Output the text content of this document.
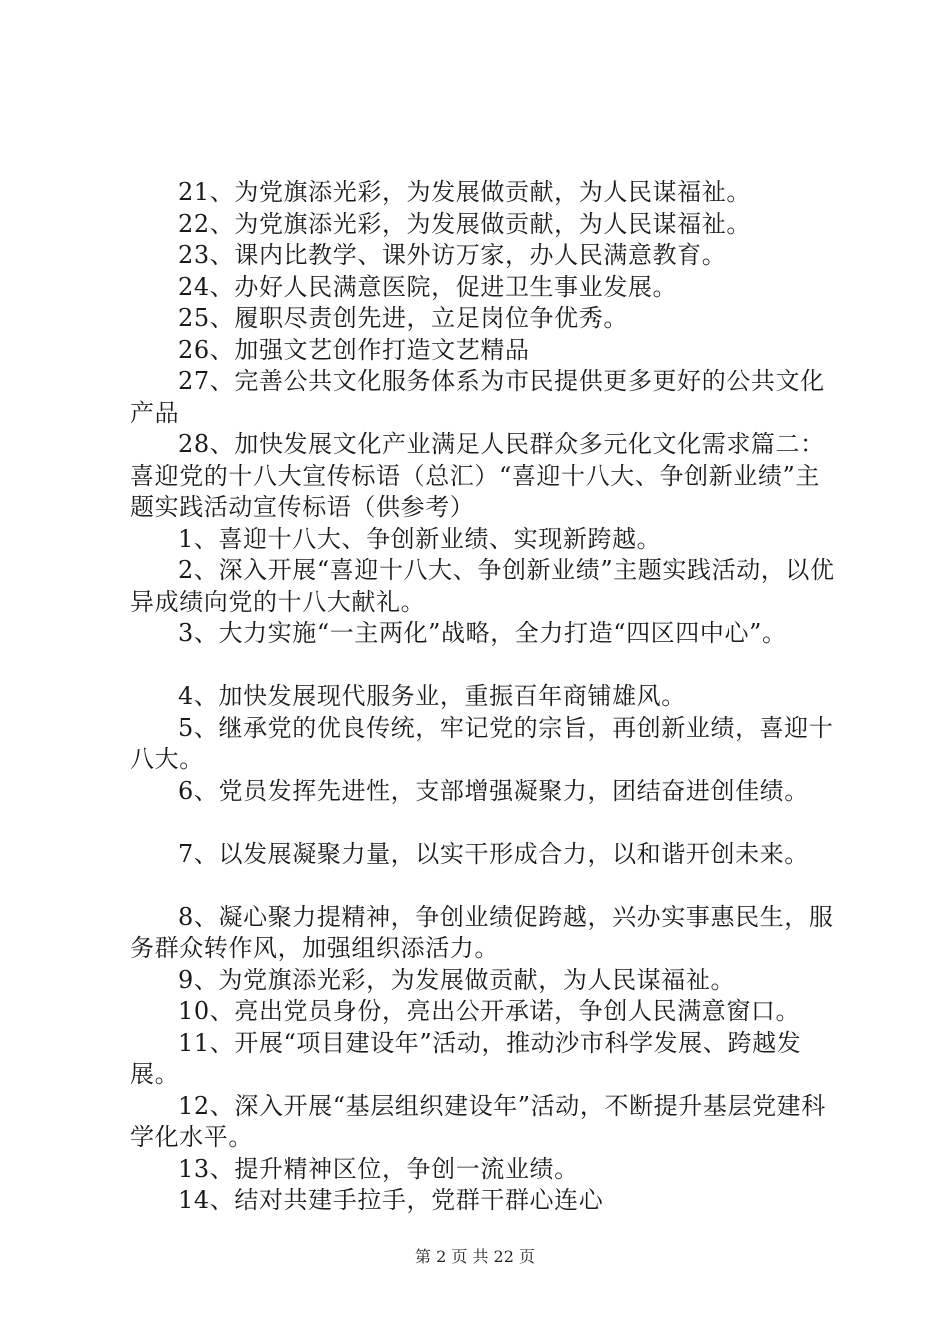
21、为党旗添光彩，为发展做贡献，为人民谋福祉。

22、为党旗添光彩，为发展做贡献，为人民谋福祉。

23、课内比教学、课外访万家，办人民满意教育。

24、办好人民满意医院，促进卫生事业发展。

25、履职尽责创先进，立足岗位争优秀。

26、加强文艺创作打造文艺精品

27、完善公共文化服务体系为市民提供更多更好的公共文化产品

28、加快发展文化产业满足人民群众多元化文化需求篇二：喜迎党的十八大宣传标语（总汇）“喜迎十八大、争创新业绩”主题实践活动宣传标语（供参考）

1、喜迎十八大、争创新业绩、实现新跨越。

2、深入开展“喜迎十八大、争创新业绩”主题实践活动，以优异成绩向党的十八大献礼。

3、大力实施“一主两化”战略，全力打造“四区四中心”。

4、加快发展现代服务业，重振百年商铺雄风。

5、继承党的优良传统，牢记党的宗旨，再创新业绩，喜迎十八大。

6、党员发挥先进性，支部增强凝聚力，团结奋进创佳绩。

7、以发展凝聚力量，以实干形成合力，以和谐开创未来。

8、凝心聚力提精神，争创业绩促跨越，兴办实事惠民生，服务群众转作风，加强组织添活力。

9、为党旗添光彩，为发展做贡献，为人民谋福祉。

10、亮出党员身份，亮出公开承诺，争创人民满意窗口。

11、开展“项目建设年”活动，推动沙市科学发展、跨越发展。

12、深入开展“基层组织建设年”活动，不断提升基层党建科学化水平。

13、提升精神区位，争创一流业绩。

14、结对共建手拉手，党群干群心连心

第 2 页 共 22 页
